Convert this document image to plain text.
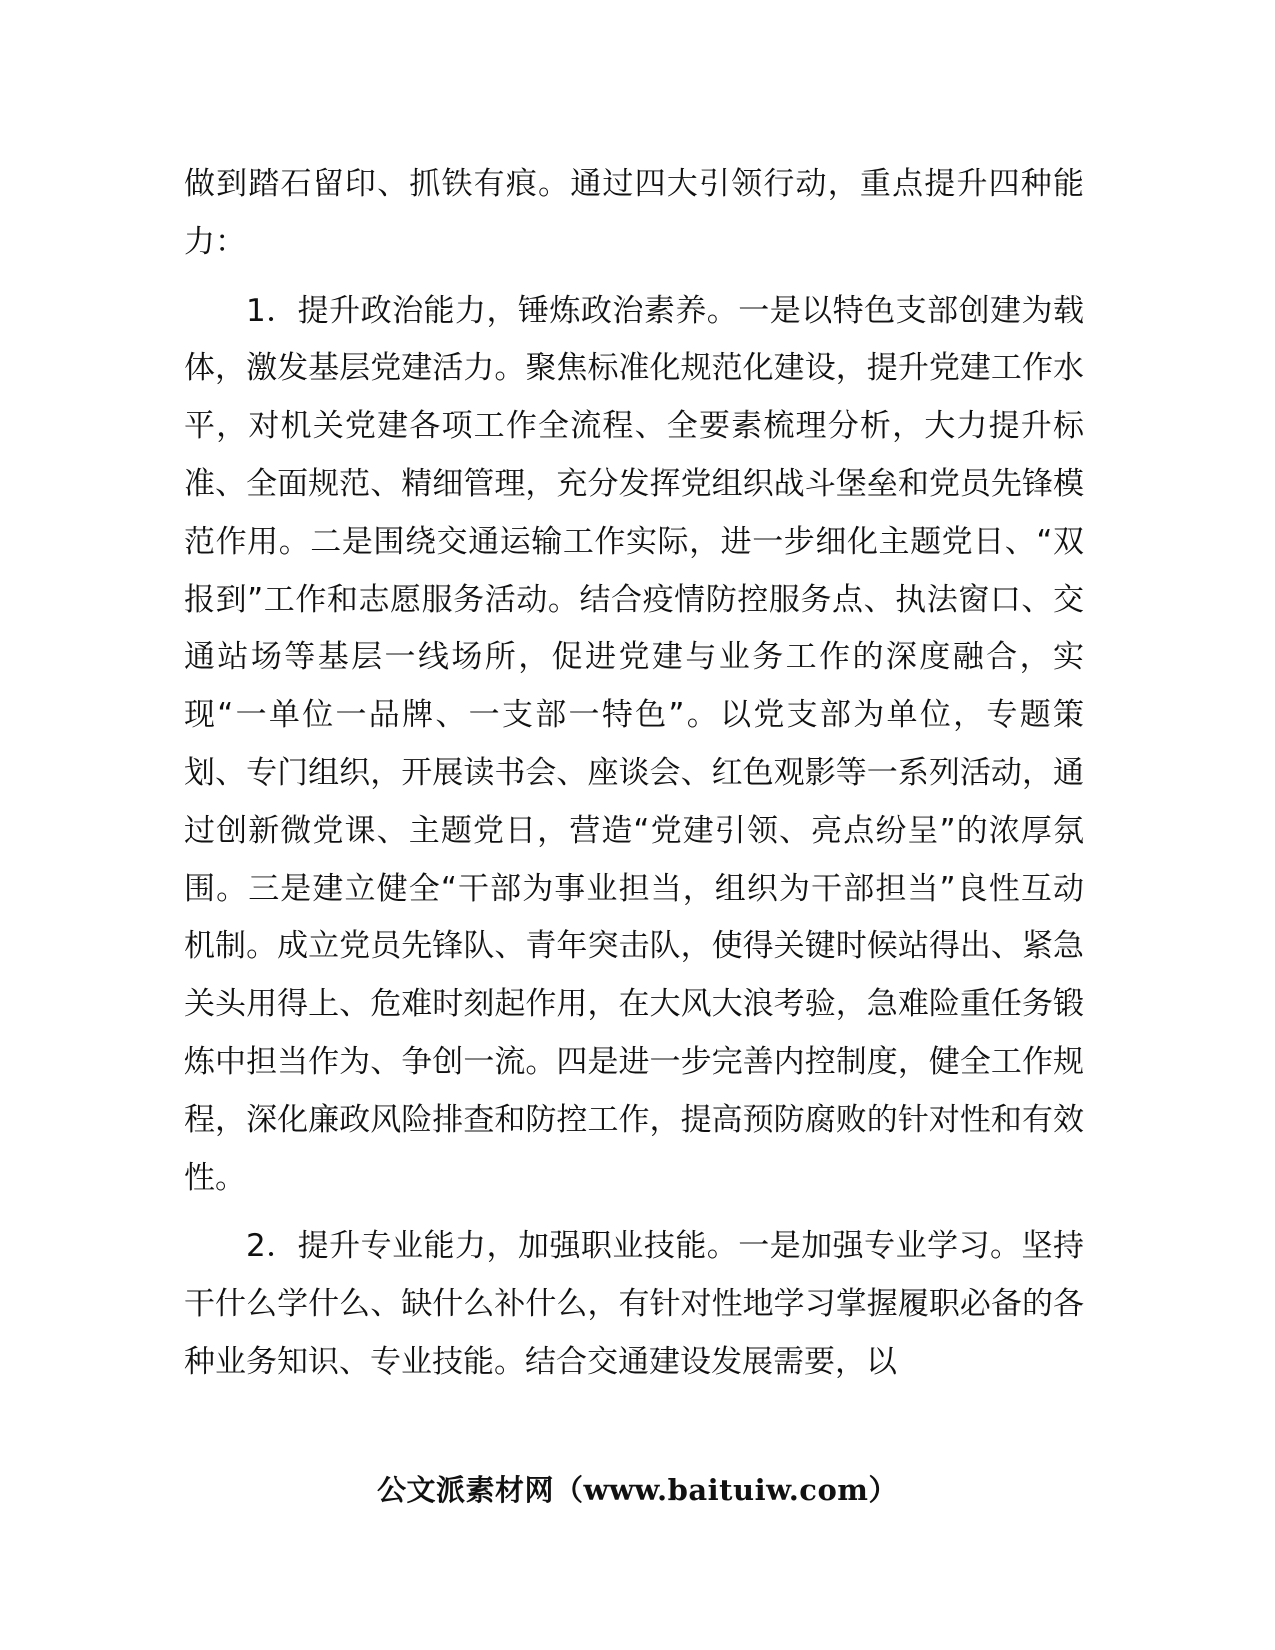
做到踏石留印、抓铁有痕。通过四大引领行动，重点提升四种能力：

1．提升政治能力，锤炼政治素养。一是以特色支部创建为载体，激发基层党建活力。聚焦标准化规范化建设，提升党建工作水平，对机关党建各项工作全流程、全要素梳理分析，大力提升标准、全面规范、精细管理，充分发挥党组织战斗堡垒和党员先锋模范作用。二是围绕交通运输工作实际，进一步细化主题党日、“双报到”工作和志愿服务活动。结合疫情防控服务点、执法窗口、交通站场等基层一线场所，促进党建与业务工作的深度融合，实现“一单位一品牌、一支部一特色”。以党支部为单位，专题策划、专门组织，开展读书会、座谈会、红色观影等一系列活动，通过创新微党课、主题党日，营造“党建引领、亮点纷呈”的浓厚氛围。三是建立健全“干部为事业担当，组织为干部担当”良性互动机制。成立党员先锋队、青年突击队，使得关键时候站得出、紧急关头用得上、危难时刻起作用，在大风大浪考验，急难险重任务锻炼中担当作为、争创一流。四是进一步完善内控制度，健全工作规程，深化廉政风险排查和防控工作，提高预防腐败的针对性和有效性。

2．提升专业能力，加强职业技能。一是加强专业学习。坚持干什么学什么、缺什么补什么，有针对性地学习掌握履职必备的各种业务知识、专业技能。结合交通建设发展需要，以

公文派素材网（www.baituiw.com）
